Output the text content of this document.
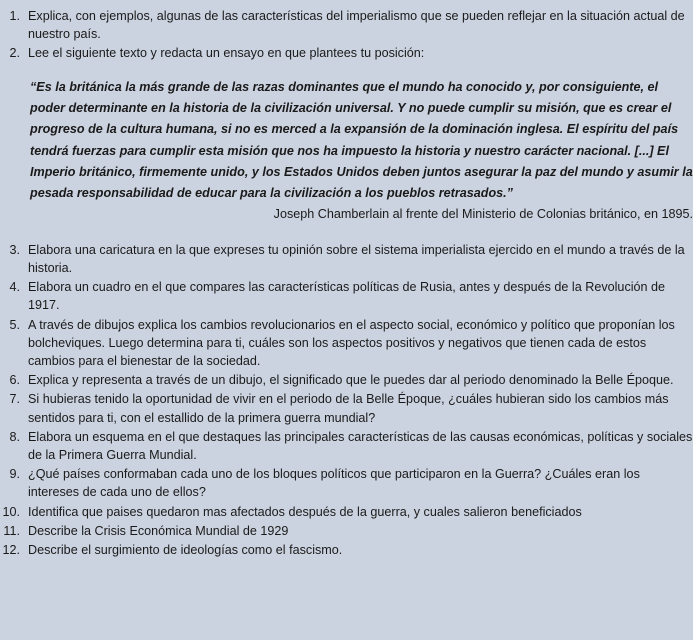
1. Explica, con ejemplos, algunas de las características del imperialismo que se pueden reflejar en la situación actual de nuestro país.
2. Lee el siguiente texto y redacta un ensayo en que plantees tu posición:
“Es la británica la más grande de las razas dominantes que el mundo ha conocido y, por consiguiente, el poder determinante en la historia de la civilización universal. Y no puede cumplir su misión, que es crear el progreso de la cultura humana, si no es merced a la expansión de la dominación inglesa. El espíritu del país tendrá fuerzas para cumplir esta misión que nos ha impuesto la historia y nuestro carácter nacional. [...] El Imperio británico, firmemente unido, y los Estados Unidos deben juntos asegurar la paz del mundo y asumir la pesada responsabilidad de educar para la civilización a los pueblos retrasados.”
Joseph Chamberlain al frente del Ministerio de Colonias británico, en 1895.
3. Elabora una caricatura en la que expreses tu opinión sobre el sistema imperialista ejercido en el mundo a través de la historia.
4. Elabora un cuadro en el que compares las características políticas de Rusia, antes y después de la Revolución de 1917.
5. A través de dibujos explica los cambios revolucionarios en el aspecto social, económico y político que proponían los bolcheviques. Luego determina para ti, cuáles son los aspectos positivos y negativos que tienen cada de estos cambios para el bienestar de la sociedad.
6. Explica y representa a través de un dibujo, el significado que le puedes dar al periodo denominado la Belle Époque.
7. Si hubieras tenido la oportunidad de vivir en el periodo de la Belle Époque, ¿cuáles hubieran sido los cambios más sentidos para ti, con el estallido de la primera guerra mundial?
8. Elabora un esquema en el que destaques las principales características de las causas económicas, políticas y sociales de la Primera Guerra Mundial.
9. ¿Qué países conformaban cada uno de los bloques políticos que participaron en la Guerra? ¿Cuáles eran los intereses de cada uno de ellos?
10. Identifica que paises quedaron mas afectados después de la guerra, y cuales salieron beneficiados
11. Describe la Crisis Económica Mundial de 1929
12. Describe el surgimiento de ideologías como el fascismo.
